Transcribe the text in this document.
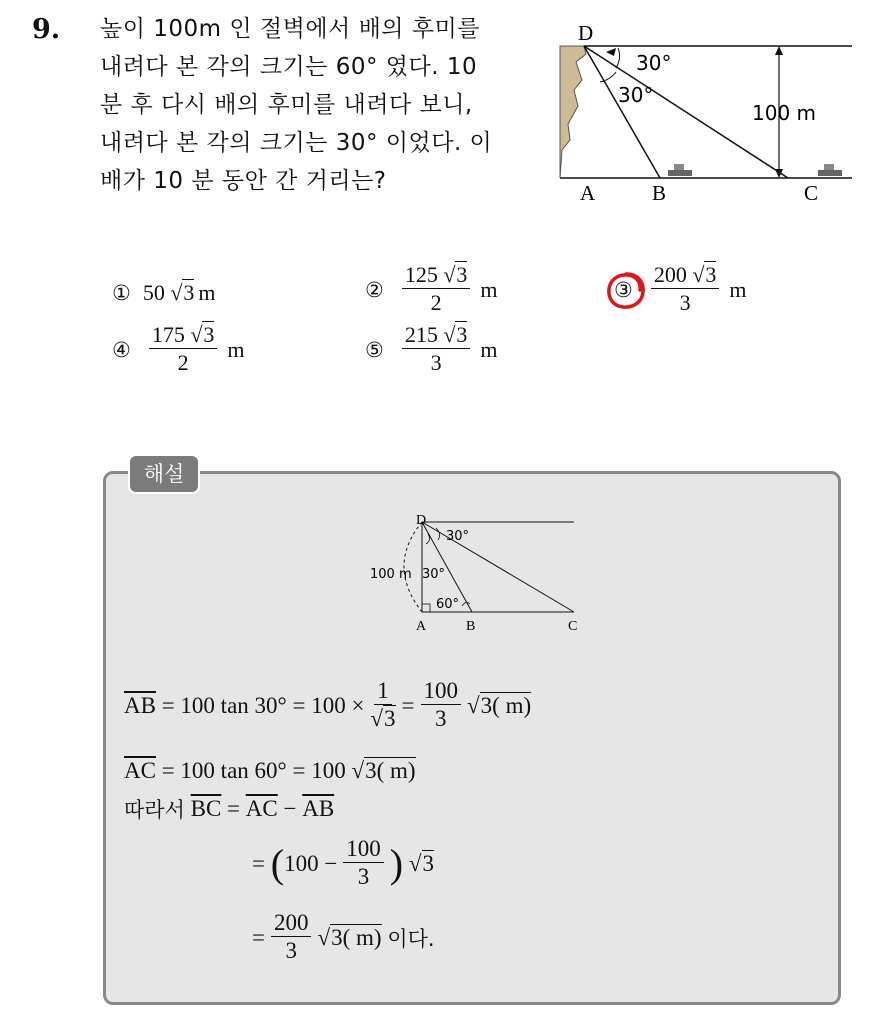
9. 높이 100m 인 절벽에서 배의 후미를
내려다 본 각의 크기는 60° 였다. 10
분 후 다시 배의 후미를 내려다 보니,
내려다 본 각의 크기는 30° 이었다. 이
배가 10 분 동안 간 거리는?
D
30°
30°
100 m
A	B	C
① 50
√3 m	② $\frac{125 √3}{2}$ m	③ $\frac{200 √3}{3}$ m
④ $\frac{175 √3}{2}$ m	⑤ $\frac{215 √3}{3}$ m
해설
D
30°
30°
100 m
60°
A	B	C
$\overline{AB}$
= 100 $\tan 30^\circ = 100 \times \frac{1}{√3} = \frac{100}{3} √3$( m)
$\overline{AC}$
= 100 tan 60° = 100
√3( m)
따라서
$\overline{BC}$
=
$\overline{AC}$
−
$\overline{AB}$
=
( $100 - \frac{100}{3}$ )
√3
= $\frac{200}{3} √3$( m)
이다.
